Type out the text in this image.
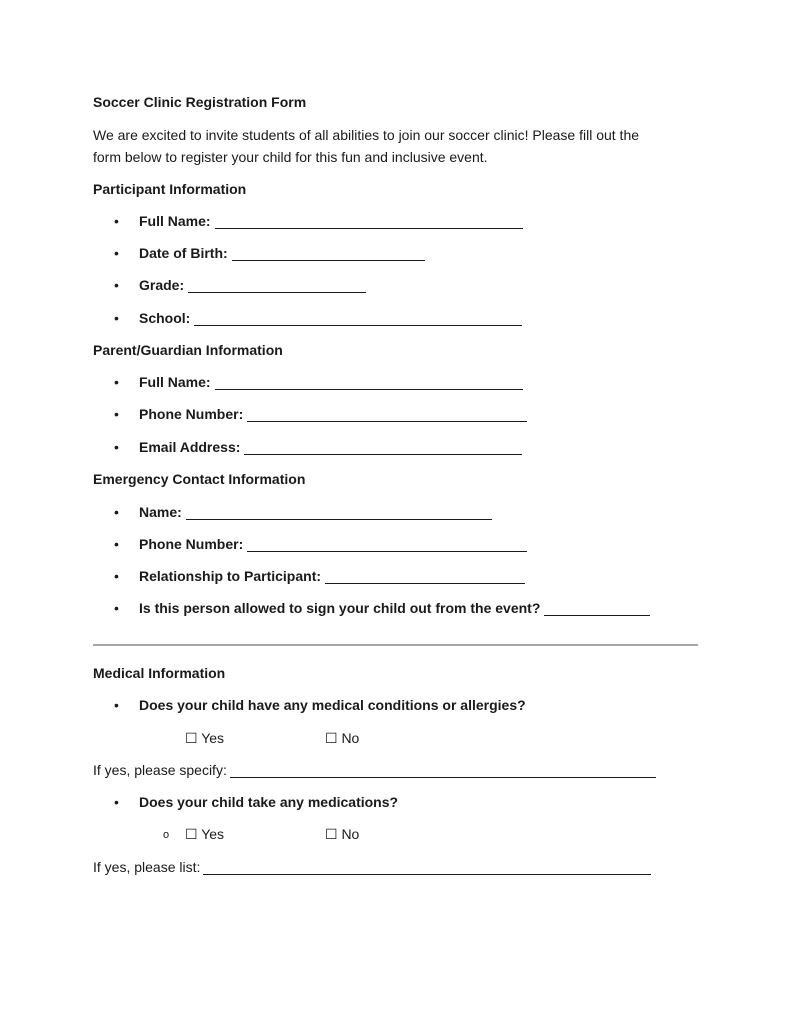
Soccer Clinic Registration Form
We are excited to invite students of all abilities to join our soccer clinic! Please fill out the
form below to register your child for this fun and inclusive event.
Participant Information
• Full Name:
• Date of Birth:
• Grade:
• School:
Parent/Guardian Information
• Full Name:
• Phone Number:
• Email Address:
Emergency Contact Information
• Name:
• Phone Number:
• Relationship to Participant:
• Is this person allowed to sign your child out from the event?
Medical Information
• Does your child have any medical conditions or allergies?
☐ Yes	☐ No
If yes, please specify:
• Does your child take any medications?
o ☐ Yes	☐ No
If yes, please list:
